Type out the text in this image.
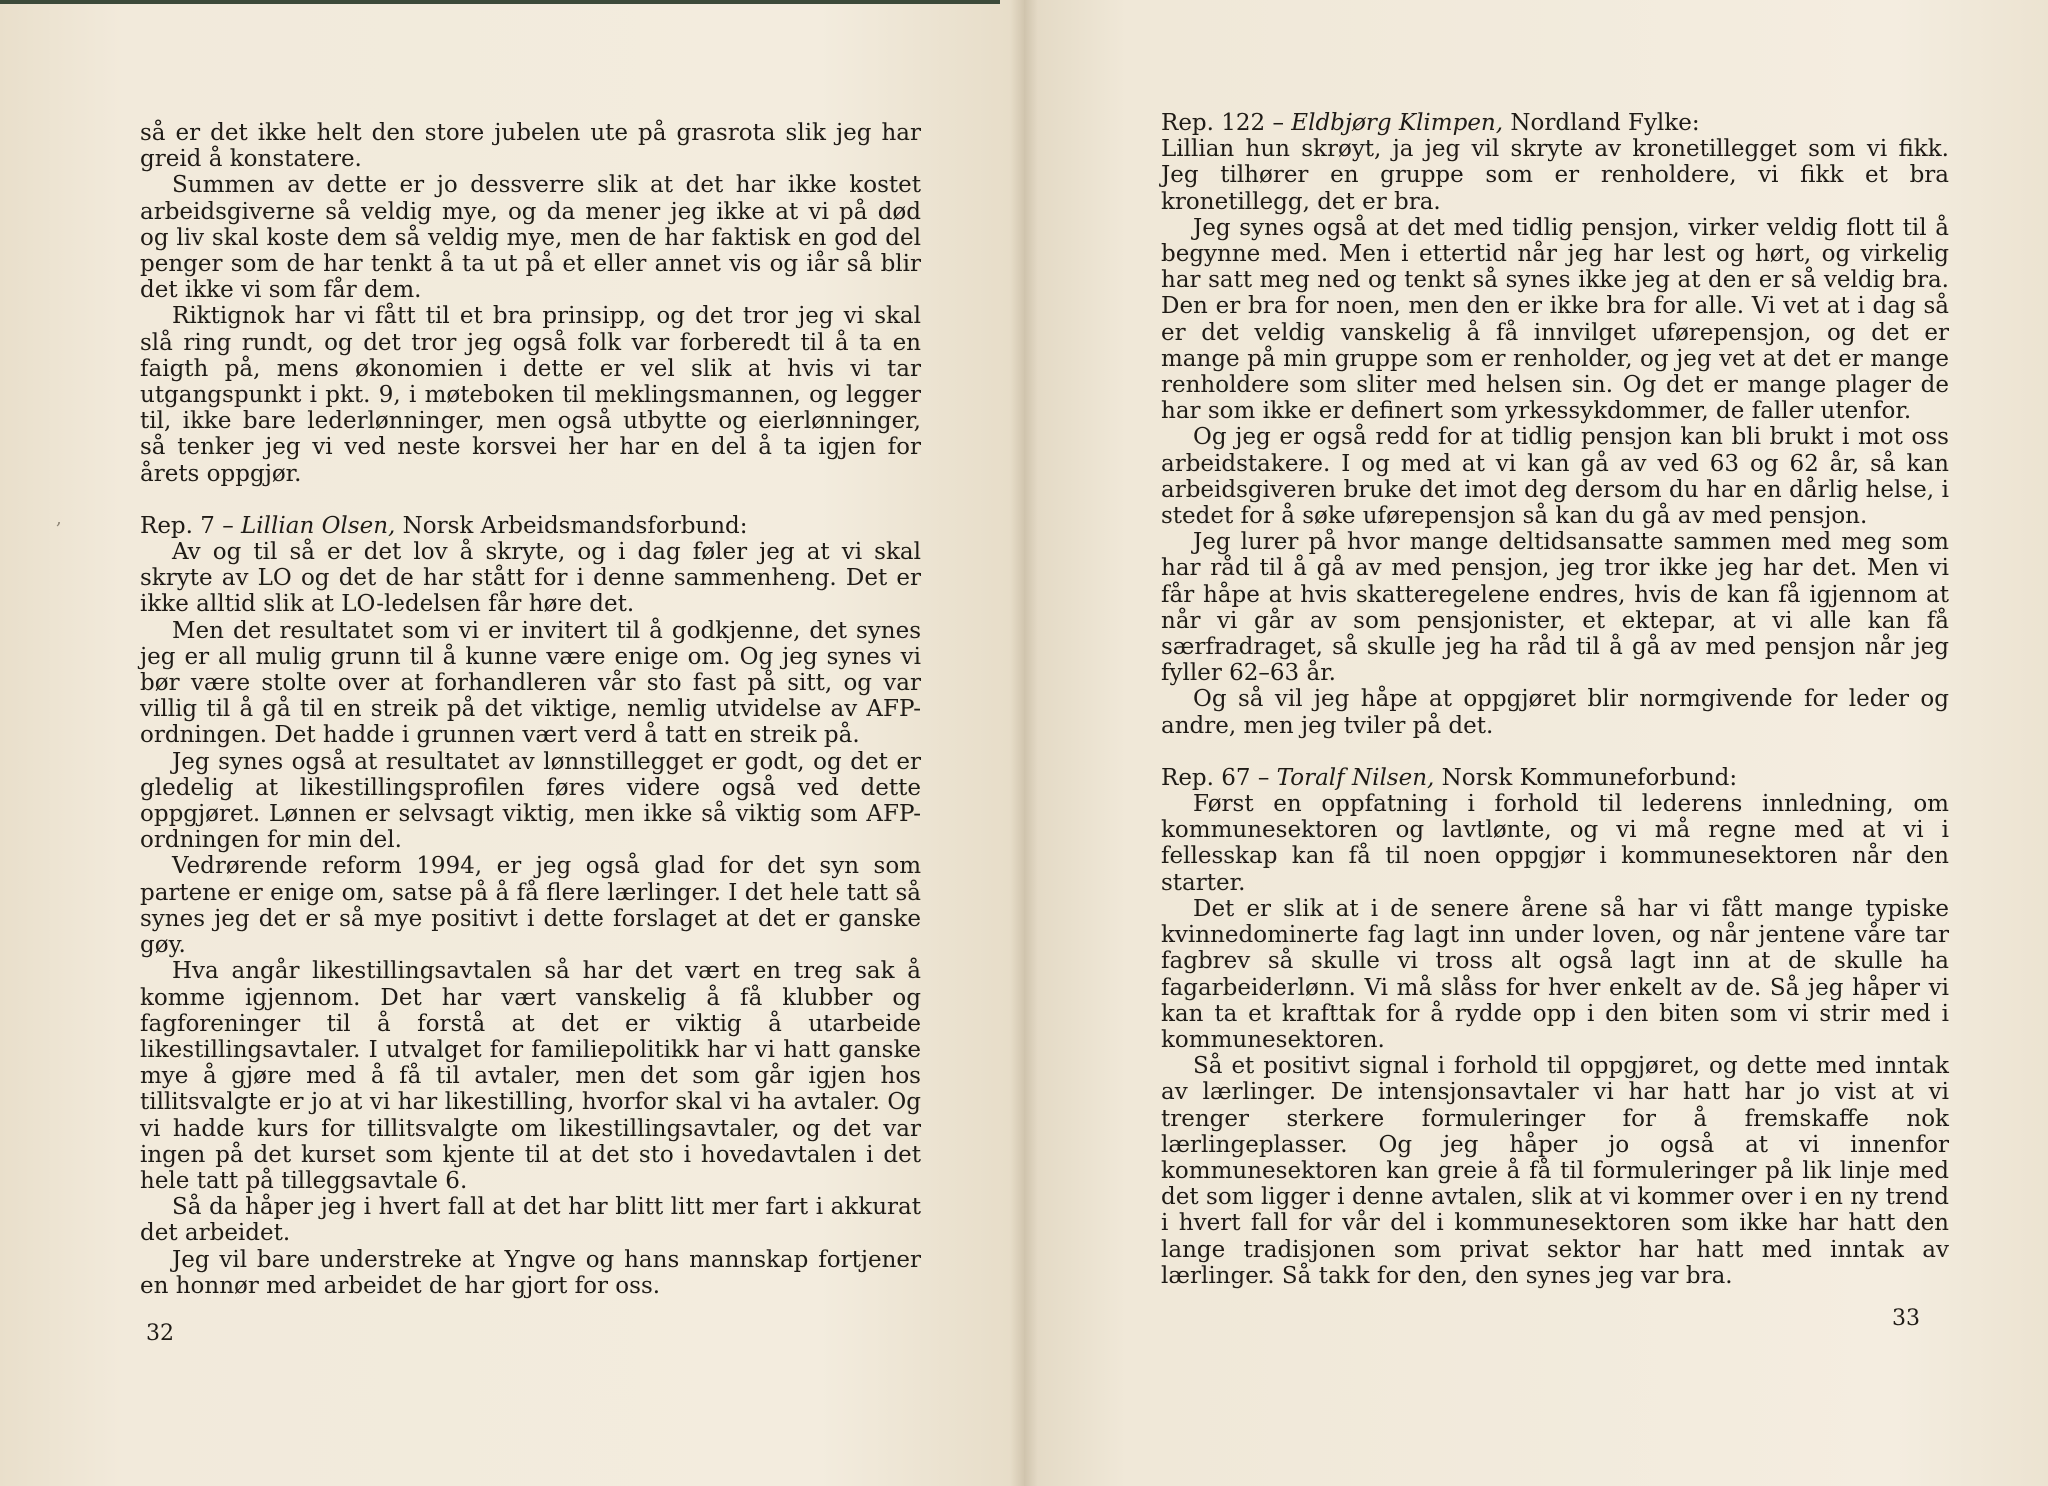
så er det ikke helt den store jubelen ute på grasrota slik jeg har greid å konstatere.

Summen av dette er jo dessverre slik at det har ikke kostet arbeidsgiverne så veldig mye, og da mener jeg ikke at vi på død og liv skal koste dem så veldig mye, men de har faktisk en god del penger som de har tenkt å ta ut på et eller annet vis og iår så blir det ikke vi som får dem.

Riktignok har vi fått til et bra prinsipp, og det tror jeg vi skal slå ring rundt, og det tror jeg også folk var forberedt til å ta en faigth på, mens økonomien i dette er vel slik at hvis vi tar utgangspunkt i pkt. 9, i møteboken til meklingsmannen, og legger til, ikke bare lederlønninger, men også utbytte og eierlønninger, så tenker jeg vi ved neste korsvei her har en del å ta igjen for årets oppgjør.

Rep. 7 – Lillian Olsen, Norsk Arbeidsmandsforbund:

Av og til så er det lov å skryte, og i dag føler jeg at vi skal skryte av LO og det de har stått for i denne sammenheng. Det er ikke alltid slik at LO-ledelsen får høre det.

Men det resultatet som vi er invitert til å godkjenne, det synes jeg er all mulig grunn til å kunne være enige om. Og jeg synes vi bør være stolte over at forhandleren vår sto fast på sitt, og var villig til å gå til en streik på det viktige, nemlig utvidelse av AFP-ordningen. Det hadde i grunnen vært verd å tatt en streik på.

Jeg synes også at resultatet av lønnstillegget er godt, og det er gledelig at likestillingsprofilen føres videre også ved dette oppgjøret. Lønnen er selvsagt viktig, men ikke så viktig som AFP-ordningen for min del.

Vedrørende reform 1994, er jeg også glad for det syn som partene er enige om, satse på å få flere lærlinger. I det hele tatt så synes jeg det er så mye positivt i dette forslaget at det er ganske gøy.

Hva angår likestillingsavtalen så har det vært en treg sak å komme igjennom. Det har vært vanskelig å få klubber og fagforeninger til å forstå at det er viktig å utarbeide likestillingsavtaler. I utvalget for familiepolitikk har vi hatt ganske mye å gjøre med å få til avtaler, men det som går igjen hos tillitsvalgte er jo at vi har likestilling, hvorfor skal vi ha avtaler. Og vi hadde kurs for tillitsvalgte om likestillingsavtaler, og det var ingen på det kurset som kjente til at det sto i hovedavtalen i det hele tatt på tilleggsavtale 6.

Så da håper jeg i hvert fall at det har blitt litt mer fart i akkurat det arbeidet.

Jeg vil bare understreke at Yngve og hans mannskap fortjener en honnør med arbeidet de har gjort for oss.

,
32

Rep. 122 – Eldbjørg Klimpen, Nordland Fylke:

Lillian hun skrøyt, ja jeg vil skryte av kronetillegget som vi fikk. Jeg tilhører en gruppe som er renholdere, vi fikk et bra kronetillegg, det er bra.

Jeg synes også at det med tidlig pensjon, virker veldig flott til å begynne med. Men i ettertid når jeg har lest og hørt, og virkelig har satt meg ned og tenkt så synes ikke jeg at den er så veldig bra. Den er bra for noen, men den er ikke bra for alle. Vi vet at i dag så er det veldig vanskelig å få innvilget uførepensjon, og det er mange på min gruppe som er renholder, og jeg vet at det er mange renholdere som sliter med helsen sin. Og det er mange plager de har som ikke er definert som yrkessykdommer, de faller utenfor.

Og jeg er også redd for at tidlig pensjon kan bli brukt i mot oss arbeidstakere. I og med at vi kan gå av ved 63 og 62 år, så kan arbeidsgiveren bruke det imot deg dersom du har en dårlig helse, i stedet for å søke uførepensjon så kan du gå av med pensjon.

Jeg lurer på hvor mange deltidsansatte sammen med meg som har råd til å gå av med pensjon, jeg tror ikke jeg har det. Men vi får håpe at hvis skatteregelene endres, hvis de kan få igjennom at når vi går av som pensjonister, et ektepar, at vi alle kan få særfradraget, så skulle jeg ha råd til å gå av med pensjon når jeg fyller 62–63 år.

Og så vil jeg håpe at oppgjøret blir normgivende for leder og andre, men jeg tviler på det.

Rep. 67 – Toralf Nilsen, Norsk Kommuneforbund:

Først en oppfatning i forhold til lederens innledning, om kommunesektoren og lavtlønte, og vi må regne med at vi i fellesskap kan få til noen oppgjør i kommunesektoren når den starter.

Det er slik at i de senere årene så har vi fått mange typiske kvinnedominerte fag lagt inn under loven, og når jentene våre tar fagbrev så skulle vi tross alt også lagt inn at de skulle ha fagarbeiderlønn. Vi må slåss for hver enkelt av de. Så jeg håper vi kan ta et krafttak for å rydde opp i den biten som vi strir med i kommunesektoren.

Så et positivt signal i forhold til oppgjøret, og dette med inntak av lærlinger. De intensjonsavtaler vi har hatt har jo vist at vi trenger sterkere formuleringer for å fremskaffe nok lærlingeplasser. Og jeg håper jo også at vi innenfor kommunesektoren kan greie å få til formuleringer på lik linje med det som ligger i denne avtalen, slik at vi kommer over i en ny trend i hvert fall for vår del i kommunesektoren som ikke har hatt den lange tradisjonen som privat sektor har hatt med inntak av lærlinger. Så takk for den, den synes jeg var bra.

33
